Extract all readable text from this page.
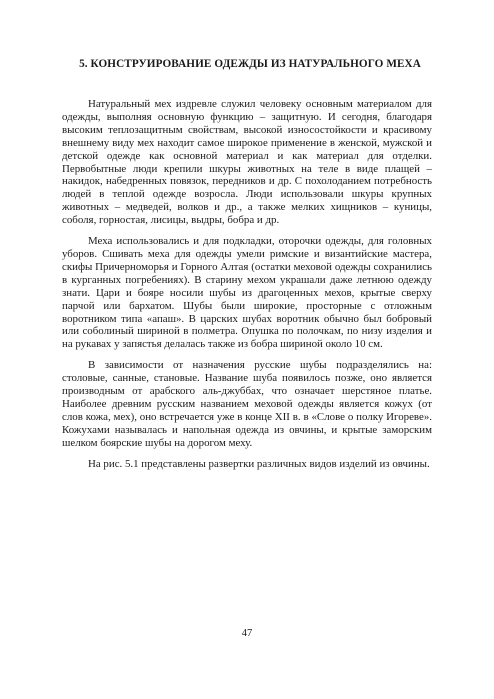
5. КОНСТРУИРОВАНИЕ ОДЕЖДЫ ИЗ НАТУРАЛЬНОГО МЕХА

Натуральный мех издревле служил человеку основным материалом для одежды, выполняя основную функцию – защитную. И сегодня, благодаря высоким теплозащитным свойствам, высокой износостойкости и красивому внешнему виду мех находит самое широкое применение в женской, мужской и детской одежде как основной материал и как материал для отделки. Первобытные люди крепили шкуры животных на теле в виде плащей – накидок, набедренных повязок, передников и др. С похолоданием потребность людей в теплой одежде возросла. Люди использовали шкуры крупных животных – медведей, волков и др., а также мелких хищников – куницы, соболя, горностая, лисицы, выдры, бобра и др.

Меха использовались и для подкладки, оторочки одежды, для головных уборов. Сшивать меха для одежды умели римские и византийские мастера, скифы Причерноморья и Горного Алтая (остатки меховой одежды сохранились в курганных погребениях). В старину мехом украшали даже летнюю одежду знати. Цари и бояре носили шубы из драгоценных мехов, крытые сверху парчой или бархатом. Шубы были широкие, просторные с отложным воротником типа «апаш». В царских шубах воротник обычно был бобровый или соболиный шириной в полметра. Опушка по полочкам, по низу изделия и на рукавах у запястья делалась также из бобра шириной около 10 см.

В зависимости от назначения русские шубы подразделялись на: столовые, санные, становые. Название шуба появилось позже, оно является производным от арабского аль-джуббах, что означает шерстяное платье. Наиболее древним русским названием меховой одежды является кожух (от слов кожа, мех), оно встречается уже в конце XII в. в «Слове о полку Игореве». Кожухами называлась и напольная одежда из овчины, и крытые заморским шелком боярские шубы на дорогом меху.

На рис. 5.1 представлены развертки различных видов изделий из овчины.

47
